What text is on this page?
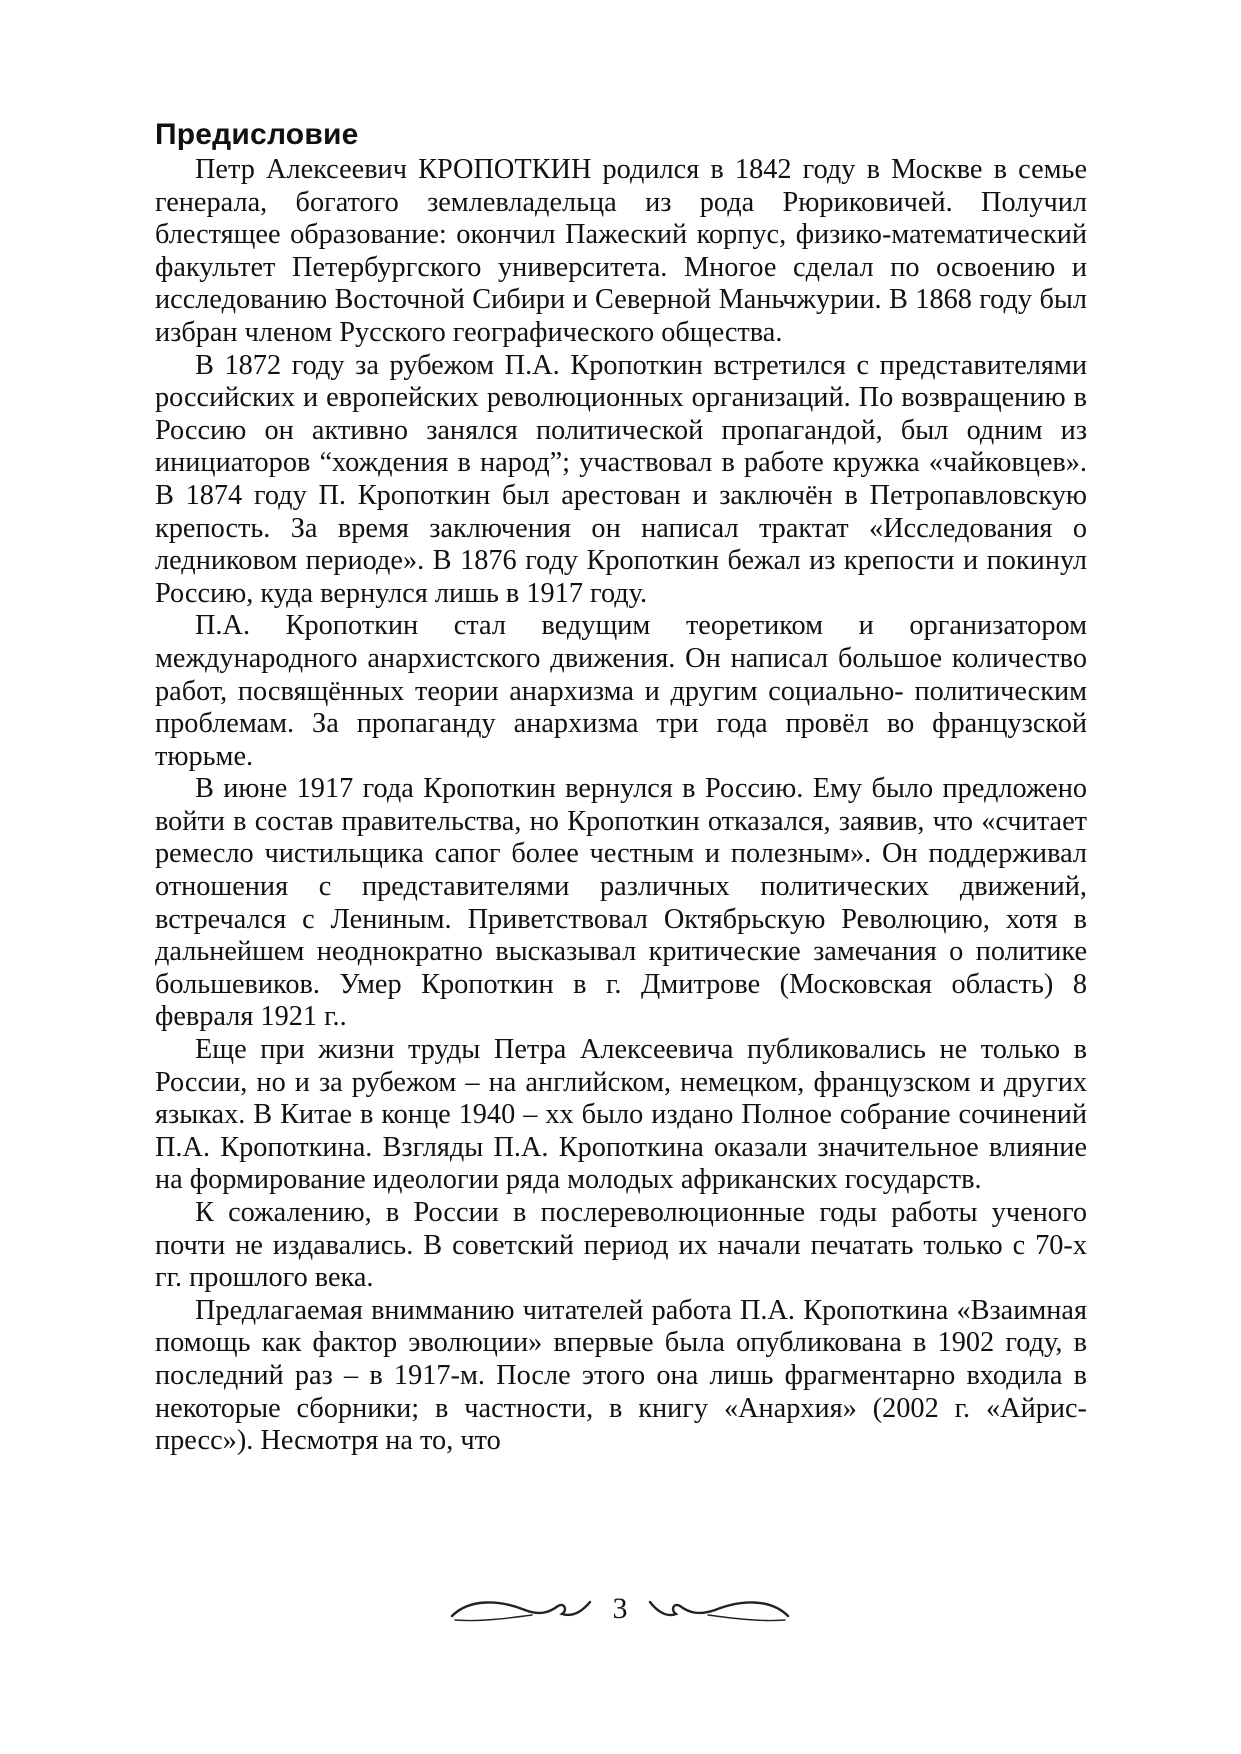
Предисловие

Петр Алексеевич КРОПОТКИН родился в 1842 году в Москве в семье генерала, богатого землевладельца из рода Рюриковичей. Получил блестящее образование: окончил Пажеский корпус, физико-математический факультет Петербургского университета. Многое сделал по освоению и исследованию Восточной Сибири и Северной Маньчжурии. В 1868 году был избран членом Русского географического общества.

В 1872 году за рубежом П.А. Кропоткин встретился с представителями российских и европейских революционных организаций. По возвращению в Россию он активно занялся политической пропагандой, был одним из инициаторов “хождения в народ”; участвовал в работе кружка «чайковцев». В 1874 году П. Кропоткин был арестован и заключён в Петропавловскую крепость. За время заключения он написал трактат «Исследования о ледниковом периоде». В 1876 году Кропоткин бежал из крепости и покинул Россию, куда вернулся лишь в 1917 году.

П.А. Кропоткин стал ведущим теоретиком и организатором международного анархистского движения. Он написал большое количество работ, посвящённых теории анархизма и другим социально- политическим проблемам. За пропаганду анархизма три года провёл во французской тюрьме.

В июне 1917 года Кропоткин вернулся в Россию. Ему было предложено войти в состав правительства, но Кропоткин отказался, заявив, что «считает ремесло чистильщика сапог более честным и полезным». Он поддерживал отношения с представителями различных политических движений, встречался с Лениным. Приветствовал Октябрьскую Революцию, хотя в дальнейшем неоднократно высказывал критические замечания о политике большевиков. Умер Кропоткин в г. Дмитрове (Московская область) 8 февраля 1921 г..

Еще при жизни труды Петра Алексеевича публиковались не только в России, но и за рубежом – на английском, немецком, французском и других языках. В Китае в конце 1940 – хх было издано Полное собрание сочинений П.А. Кропоткина. Взгляды П.А. Кропоткина оказали значительное влияние на формирование идеологии ряда молодых африканских государств.

К сожалению, в России в послереволюционные годы работы ученого почти не издавались. В советский период их начали печатать только с 70-х гг. прошлого века.

Предлагаемая вниммaнию читателей работа П.А. Кропоткина «Взаимная помощь как фактор эволюции» впервые была опубликована в 1902 году, в последний раз – в 1917-м. После этого она лишь фрагментарно входила в некоторые сборники; в частности, в книгу «Анархия» (2002 г. «Айрис-пресс»). Несмотря на то, что

3
